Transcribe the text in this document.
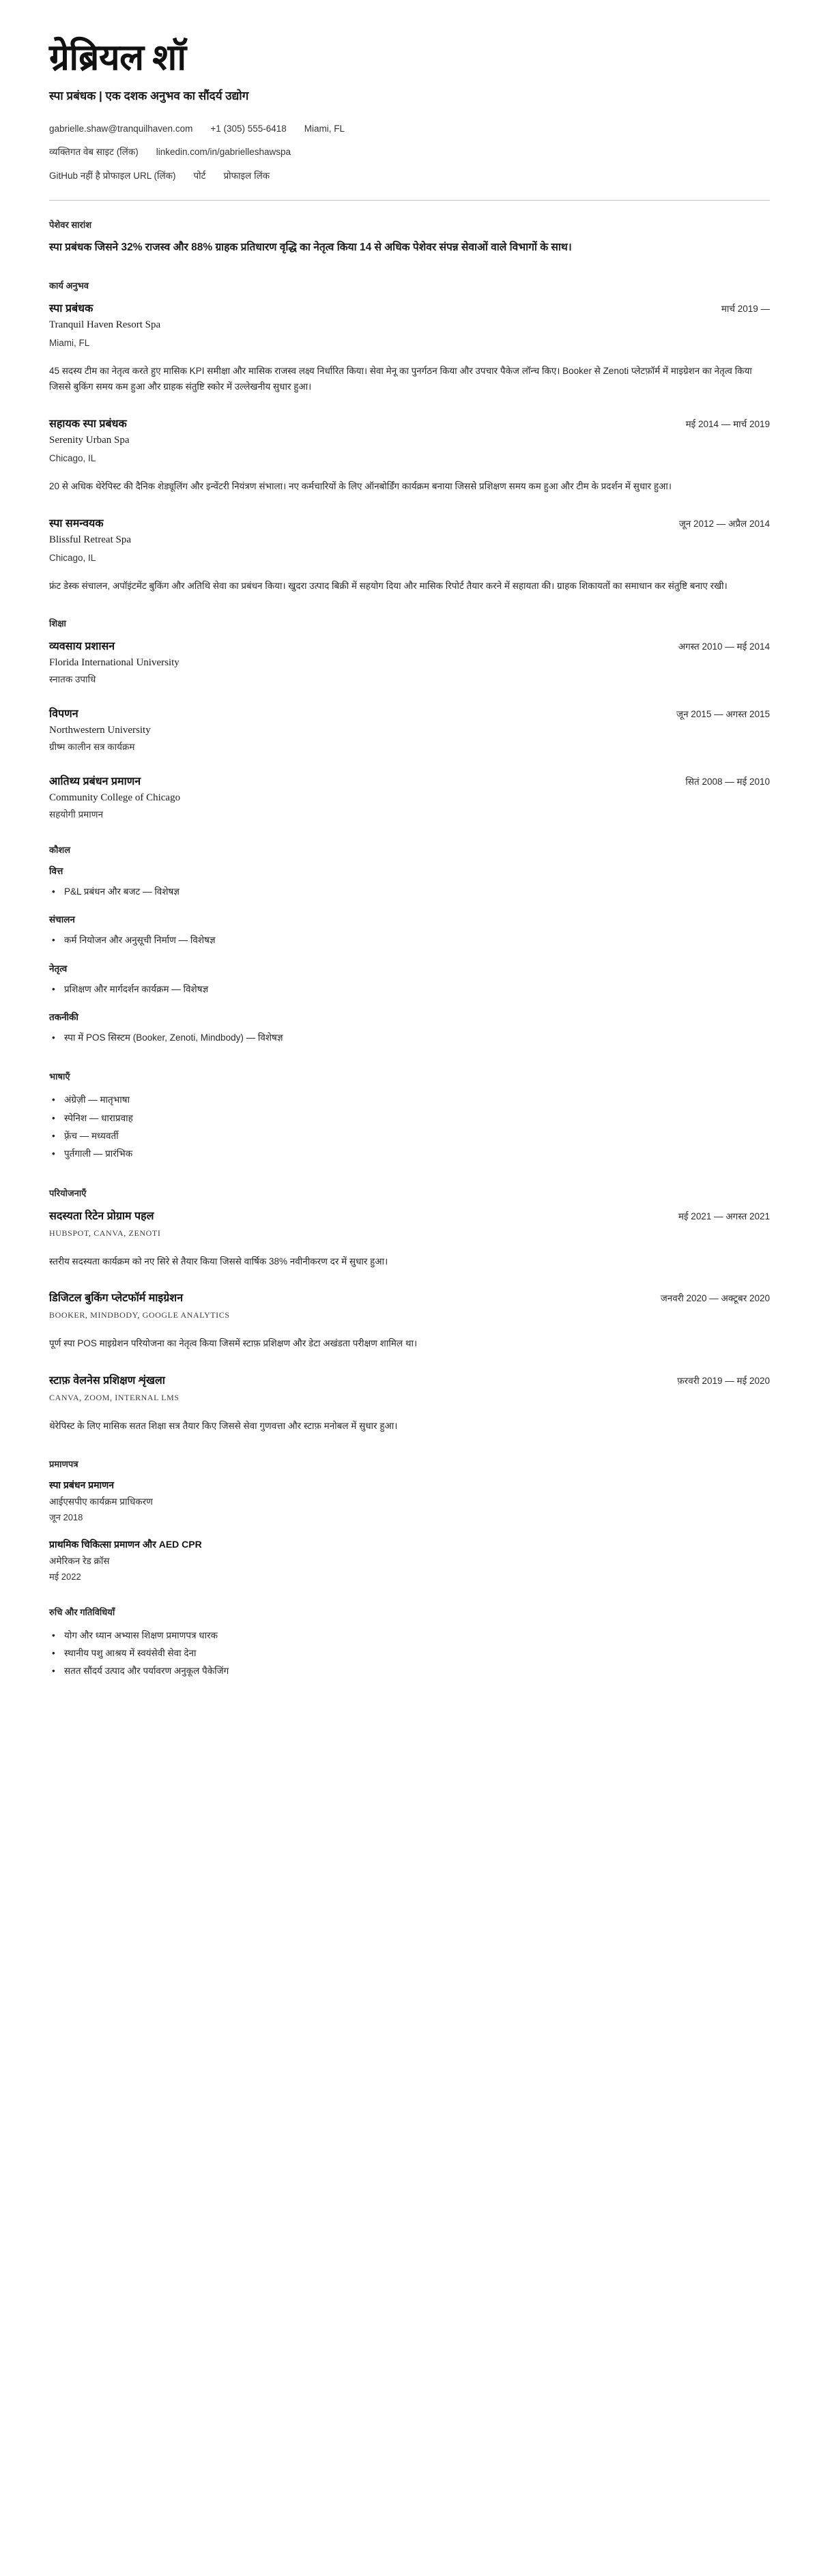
ग्रेब्रियल शॉ
स्पा प्रबंधक | एक दशक अनुभव का सौंदर्य उद्योग
gabrielle.shaw@tranquilhaven.com +1 (305) 555-6418 Miami, FL
व्यक्तिगत वेब साइट (लिंक) linkedin.com/in/gabrielleshawspa
GitHub नहीं है प्रोफाइल URL (लिंक) पोर्ट प्रोफाइल लिंक
पेशेवर सारांश

स्पा प्रबंधक जिसने 32% राजस्व और 88% ग्राहक प्रतिधारण वृद्धि का नेतृत्व किया 14 से अधिक पेशेवर संपन्न सेवाओं वाले विभागों के साथ।

कार्य अनुभव
स्पा प्रबंधक	मार्च 2019 —
Tranquil Haven Resort Spa
Miami, FL
45 सदस्य टीम का नेतृत्व करते हुए मासिक KPI समीक्षा और मासिक राजस्व लक्ष्य निर्धारित किया। सेवा मेनू का पुनर्गठन किया और उपचार पैकेज लॉन्च किए। Booker से Zenoti प्लेटफ़ॉर्म में माइग्रेशन का नेतृत्व किया जिससे बुकिंग समय कम हुआ और ग्राहक संतुष्टि स्कोर में उल्लेखनीय सुधार हुआ।
सहायक स्पा प्रबंधक	मई 2014 — मार्च 2019
Serenity Urban Spa
Chicago, IL
20 से अधिक थेरेपिस्ट की दैनिक शेड्यूलिंग और इन्वेंटरी नियंत्रण संभाला। नए कर्मचारियों के लिए ऑनबोर्डिंग कार्यक्रम बनाया जिससे प्रशिक्षण समय कम हुआ और टीम के प्रदर्शन में सुधार हुआ।
स्पा समन्वयक	जून 2012 — अप्रैल 2014
Blissful Retreat Spa
Chicago, IL
फ्रंट डेस्क संचालन, अपॉइंटमेंट बुकिंग और अतिथि सेवा का प्रबंधन किया। खुदरा उत्पाद बिक्री में सहयोग दिया और मासिक रिपोर्ट तैयार करने में सहायता की। ग्राहक शिकायतों का समाधान कर संतुष्टि बनाए रखी।
शिक्षा
व्यवसाय प्रशासन	अगस्त 2010 — मई 2014
Florida International University
स्नातक उपाधि
विपणन	जून 2015 — अगस्त 2015
Northwestern University
ग्रीष्म कालीन सत्र कार्यक्रम
आतिथ्य प्रबंधन प्रमाणन	सितं 2008 — मई 2010
Community College of Chicago
सहयोगी प्रमाणन
कौशल
वित्त
• P&L प्रबंधन और बजट — विशेषज्ञ
संचालन
• कर्म नियोजन और अनुसूची निर्माण — विशेषज्ञ
नेतृत्व
• प्रशिक्षण और मार्गदर्शन कार्यक्रम — विशेषज्ञ
तकनीकी
• स्पा में POS सिस्टम (Booker, Zenoti, Mindbody) — विशेषज्ञ
भाषाएँ
• अंग्रेज़ी — मातृभाषा
• स्पेनिश — धाराप्रवाह
• फ़्रेंच — मध्यवर्ती
• पुर्तगाली — प्रारंभिक
परियोजनाएँ
सदस्यता रिटेन प्रोग्राम पहल	मई 2021 — अगस्त 2021
HUBSPOT, CANVA, ZENOTI
स्तरीय सदस्यता कार्यक्रम को नए सिरे से तैयार किया जिससे वार्षिक 38% नवीनीकरण दर में सुधार हुआ।
डिजिटल बुकिंग प्लेटफॉर्म माइग्रेशन	जनवरी 2020 — अक्टूबर 2020
BOOKER, MINDBODY, GOOGLE ANALYTICS
पूर्ण स्पा POS माइग्रेशन परियोजना का नेतृत्व किया जिसमें स्टाफ़ प्रशिक्षण और डेटा अखंडता परीक्षण शामिल था।
स्टाफ़ वेलनेस प्रशिक्षण शृंखला	फ़रवरी 2019 — मई 2020
CANVA, ZOOM, INTERNAL LMS
थेरेपिस्ट के लिए मासिक सतत शिक्षा सत्र तैयार किए जिससे सेवा गुणवत्ता और स्टाफ़ मनोबल में सुधार हुआ।
प्रमाणपत्र
स्पा प्रबंधन प्रमाणन
आईएसपीए कार्यक्रम प्राधिकरण
जून 2018
प्राथमिक चिकित्सा प्रमाणन और AED CPR
अमेरिकन रेड क्रॉस
मई 2022
रुचि और गतिविधियाँ
• योग और ध्यान अभ्यास शिक्षण प्रमाणपत्र धारक
• स्थानीय पशु आश्रय में स्वयंसेवी सेवा देना
• सतत सौंदर्य उत्पाद और पर्यावरण अनुकूल पैकेजिंग
